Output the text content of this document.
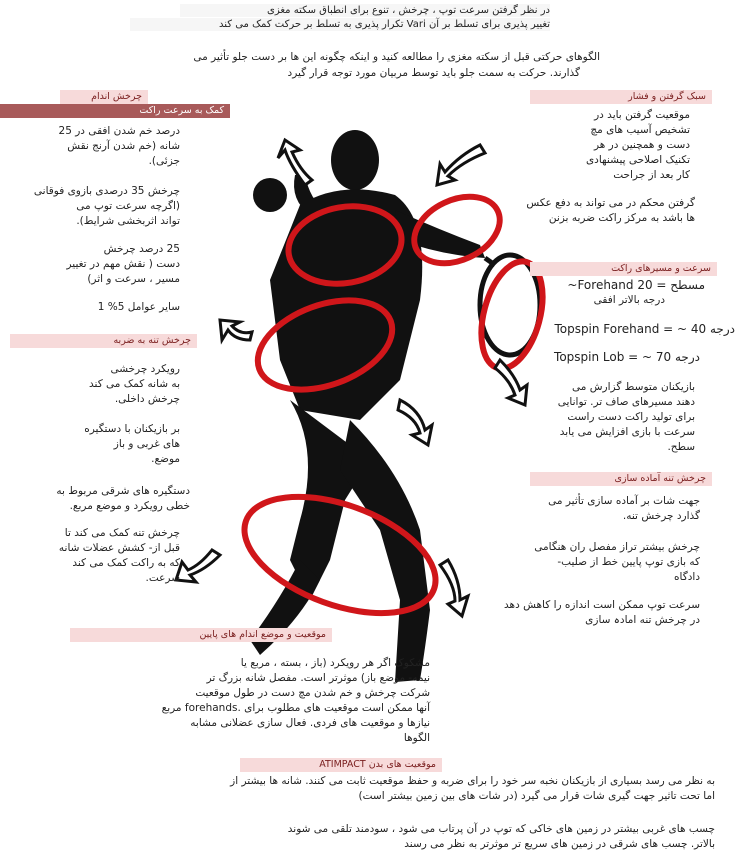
در نظر گرفتن سرعت توپ ، چرخش ، تنوع برای انطباق سکته مغزی
تغییر پذیری برای تسلط بر آن Vari تکرار پذیری به تسلط بر حرکت کمک می کند
الگوهای حرکتی قبل از سکته مغزی را مطالعه کنید و اینکه چگونه این ها بر دست جلو تأثیر می
گذارند. حرکت به سمت جلو باید توسط مربیان مورد توجه قرار گیرد
چرخش اندام
کمک به سرعت راکت
درصد خم شدن افقی در 25
شانه (خم شدن آرنج نقش
جزئی).
چرخش 35 درصدی بازوی فوقانی
(اگرچه سرعت توپ می
تواند اثربخشی شرایط).
25 درصد چرخش
دست ( نقش مهم در تغییر
مسیر ، سرعت و اثر)
سایر عوامل 5% 1
چرخش تنه به ضربه
رویکرد چرخشی
به شانه کمک می کند
چرخش داخلی.
بر بازیکنان با دستگیره
های غربی و باز
موضع.
دستگیره های شرقی مربوط به
خطی رویکرد و موضع مربع.
چرخش تنه کمک می کند تا
قبل از- کشش عضلات شانه
که به راکت کمک می کند
سرعت.
سبک گرفتن و فشار
موقعیت گرفتن باید در
تشخیص آسیب های مچ
دست و همچنین در هر
تکنیک اصلاحی پیشنهادی
کار بعد از جراحت
گرفتن محکم در می تواند به دفع عکس
ها باشد به مرکز راکت ضربه بزنن
سرعت و مسیرهای راکت
مسطح = Forehand 20~
درجه بالاتر افقی
درجه Topspin Forehand = ~ 40
درجه Topspin Lob = ~ 70
بازیکنان متوسط گزارش می
دهند مسیرهای صاف تر. توانایی
برای تولید راکت دست راست
سرعت با بازی افزایش می یابد
سطح.
چرخش تنه آماده سازی
جهت شات بر آماده سازی تأثیر می
گذارد چرخش تنه.
چرخش بیشتر تراز مفصل ران هنگامی
که بازی توپ پایین خط از صلیب-
دادگاه
سرعت توپ ممکن است اندازه را کاهش دهد
در چرخش تنه امادہ سازی
موقعیت و موضع اندام های پایین
مشکوک اگر هر رویکرد (باز ، بسته ، مربع یا
نیمه- موضع باز) موثرتر است. مفصل شانه بزرگ تر
شرکت چرخش و خم شدن مچ دست در طول موقعیت
آنها ممکن است موقعیت های مطلوب برای .forehands مربع
نیازها و موقعیت های فردی. فعال سازی عضلانی مشابه
الگوها
موقعیت های بدن ATIMPACT
به نظر می رسد بسیاری از بازیکنان نخبه سر خود را برای ضربه و حفظ موقعیت ثابت می کنند. شانه ها بیشتر از
اما تحت تاثیر جهت گیری شات قرار می گیرد (در شات های بین زمین بیشتر است)
چسب های غربی بیشتر در زمین های خاکی که توپ در آن پرتاب می شود ، سودمند تلقی می شوند
بالاتر. چسب های شرقی در زمین های سریع تر موثرتر به نظر می رسند
